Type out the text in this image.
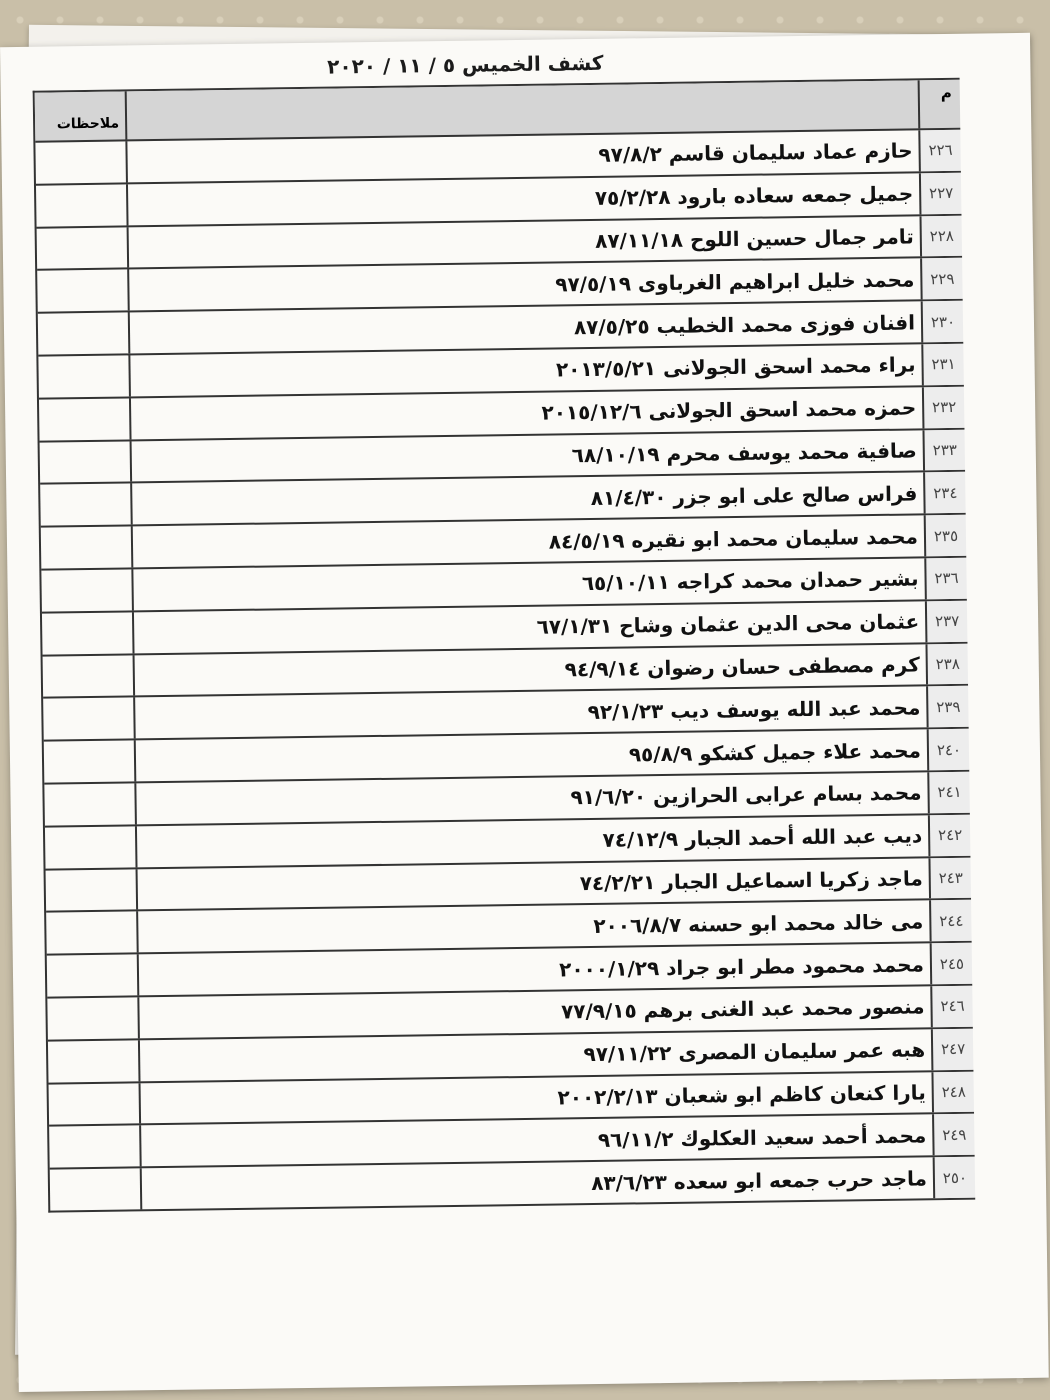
كشف الخميس ٥ / ١١ / ٢٠٢٠
م
ملاحظات
٢٢٦
حازم عماد سليمان قاسم ٩٧/٨/٢
٢٢٧
جميل جمعه سعاده بارود ٧٥/٢/٢٨
٢٢٨
تامر جمال حسين اللوح ٨٧/١١/١٨
٢٢٩
محمد خليل ابراهيم الغرباوى ٩٧/٥/١٩
٢٣٠
افنان فوزى محمد الخطيب ٨٧/٥/٢٥
٢٣١
براء محمد اسحق الجولانى ٢٠١٣/٥/٢١
٢٣٢
حمزه محمد اسحق الجولانى ٢٠١٥/١٢/٦
٢٣٣
صافية محمد يوسف محرم ٦٨/١٠/١٩
٢٣٤
فراس صالح على ابو جزر ٨١/٤/٣٠
٢٣٥
محمد سليمان محمد ابو نقيره ٨٤/٥/١٩
٢٣٦
بشير حمدان محمد كراجه ٦٥/١٠/١١
٢٣٧
عثمان محى الدين عثمان وشاح ٦٧/١/٣١
٢٣٨
كرم مصطفى حسان رضوان ٩٤/٩/١٤
٢٣٩
محمد عبد الله يوسف ديب ٩٢/١/٢٣
٢٤٠
محمد علاء جميل كشكو ٩٥/٨/٩
٢٤١
محمد بسام عرابى الحرازين ٩١/٦/٢٠
٢٤٢
ديب عبد الله أحمد الجبار ٧٤/١٢/٩
٢٤٣
ماجد زكريا اسماعيل الجبار ٧٤/٢/٢١
٢٤٤
مى خالد محمد ابو حسنه ٢٠٠٦/٨/٧
٢٤٥
محمد محمود مطر ابو جراد ٢٠٠٠/١/٢٩
٢٤٦
منصور محمد عبد الغنى برهم ٧٧/٩/١٥
٢٤٧
هبه عمر سليمان المصرى ٩٧/١١/٢٢
٢٤٨
يارا كنعان كاظم ابو شعبان ٢٠٠٢/٢/١٣
٢٤٩
محمد أحمد سعيد العكلوك ٩٦/١١/٢
٢٥٠
ماجد حرب جمعه ابو سعده ٨٣/٦/٢٣
